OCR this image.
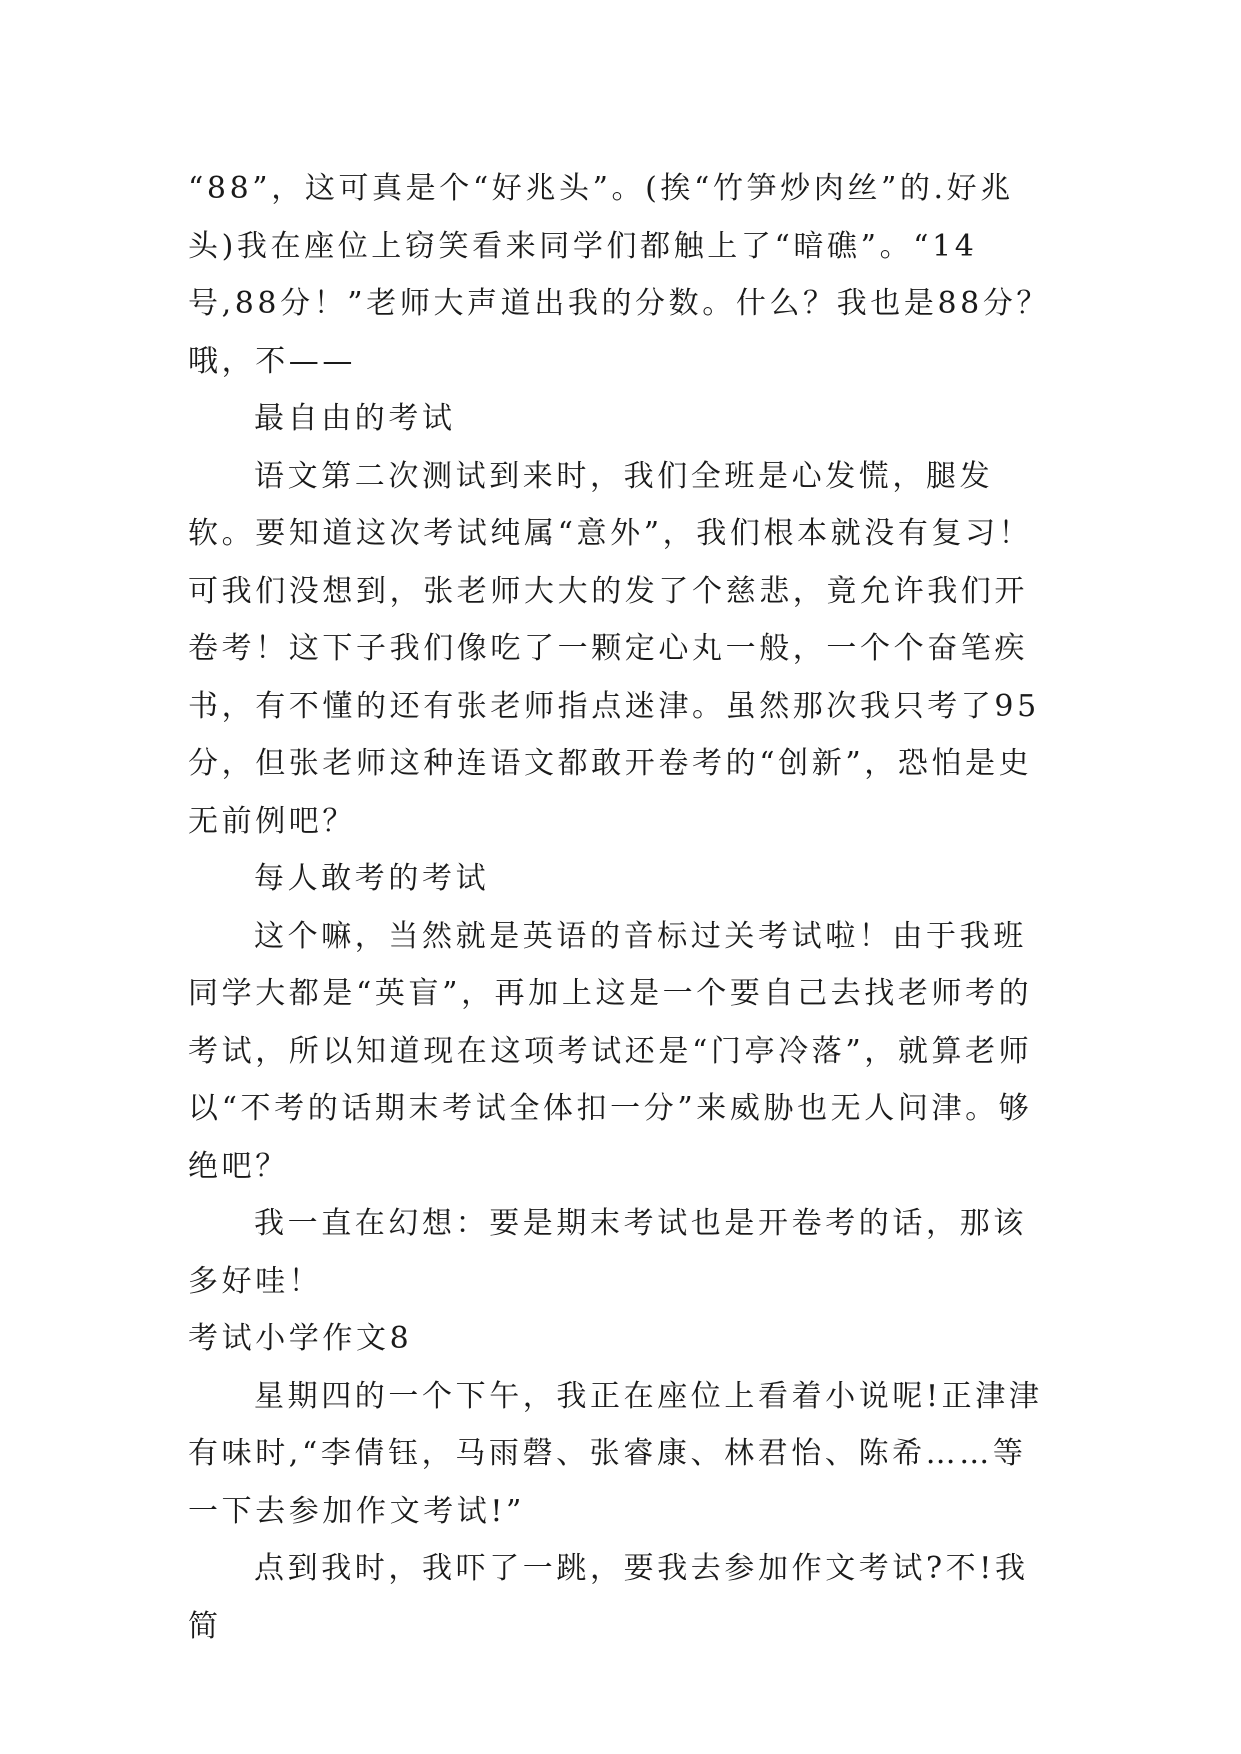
“88”，这可真是个“好兆头”。(挨“竹笋炒肉丝”的.好兆头)我在座位上窃笑看来同学们都触上了“暗礁”。“14号,88分！”老师大声道出我的分数。什么？我也是88分？哦，不——

最自由的考试

语文第二次测试到来时，我们全班是心发慌，腿发软。要知道这次考试纯属“意外”，我们根本就没有复习！可我们没想到，张老师大大的发了个慈悲，竟允许我们开卷考！这下子我们像吃了一颗定心丸一般，一个个奋笔疾书，有不懂的还有张老师指点迷津。虽然那次我只考了95分，但张老师这种连语文都敢开卷考的“创新”，恐怕是史无前例吧？

每人敢考的考试

这个嘛，当然就是英语的音标过关考试啦！由于我班同学大都是“英盲”，再加上这是一个要自己去找老师考的考试，所以知道现在这项考试还是“门亭冷落”，就算老师以“不考的话期末考试全体扣一分”来威胁也无人问津。够绝吧？

我一直在幻想：要是期末考试也是开卷考的话，那该多好哇！

考试小学作文8

星期四的一个下午，我正在座位上看着小说呢!正津津有味时,“李倩钰，马雨磬、张睿康、林君怡、陈希……等一下去参加作文考试!”

点到我时，我吓了一跳，要我去参加作文考试?不!我简
